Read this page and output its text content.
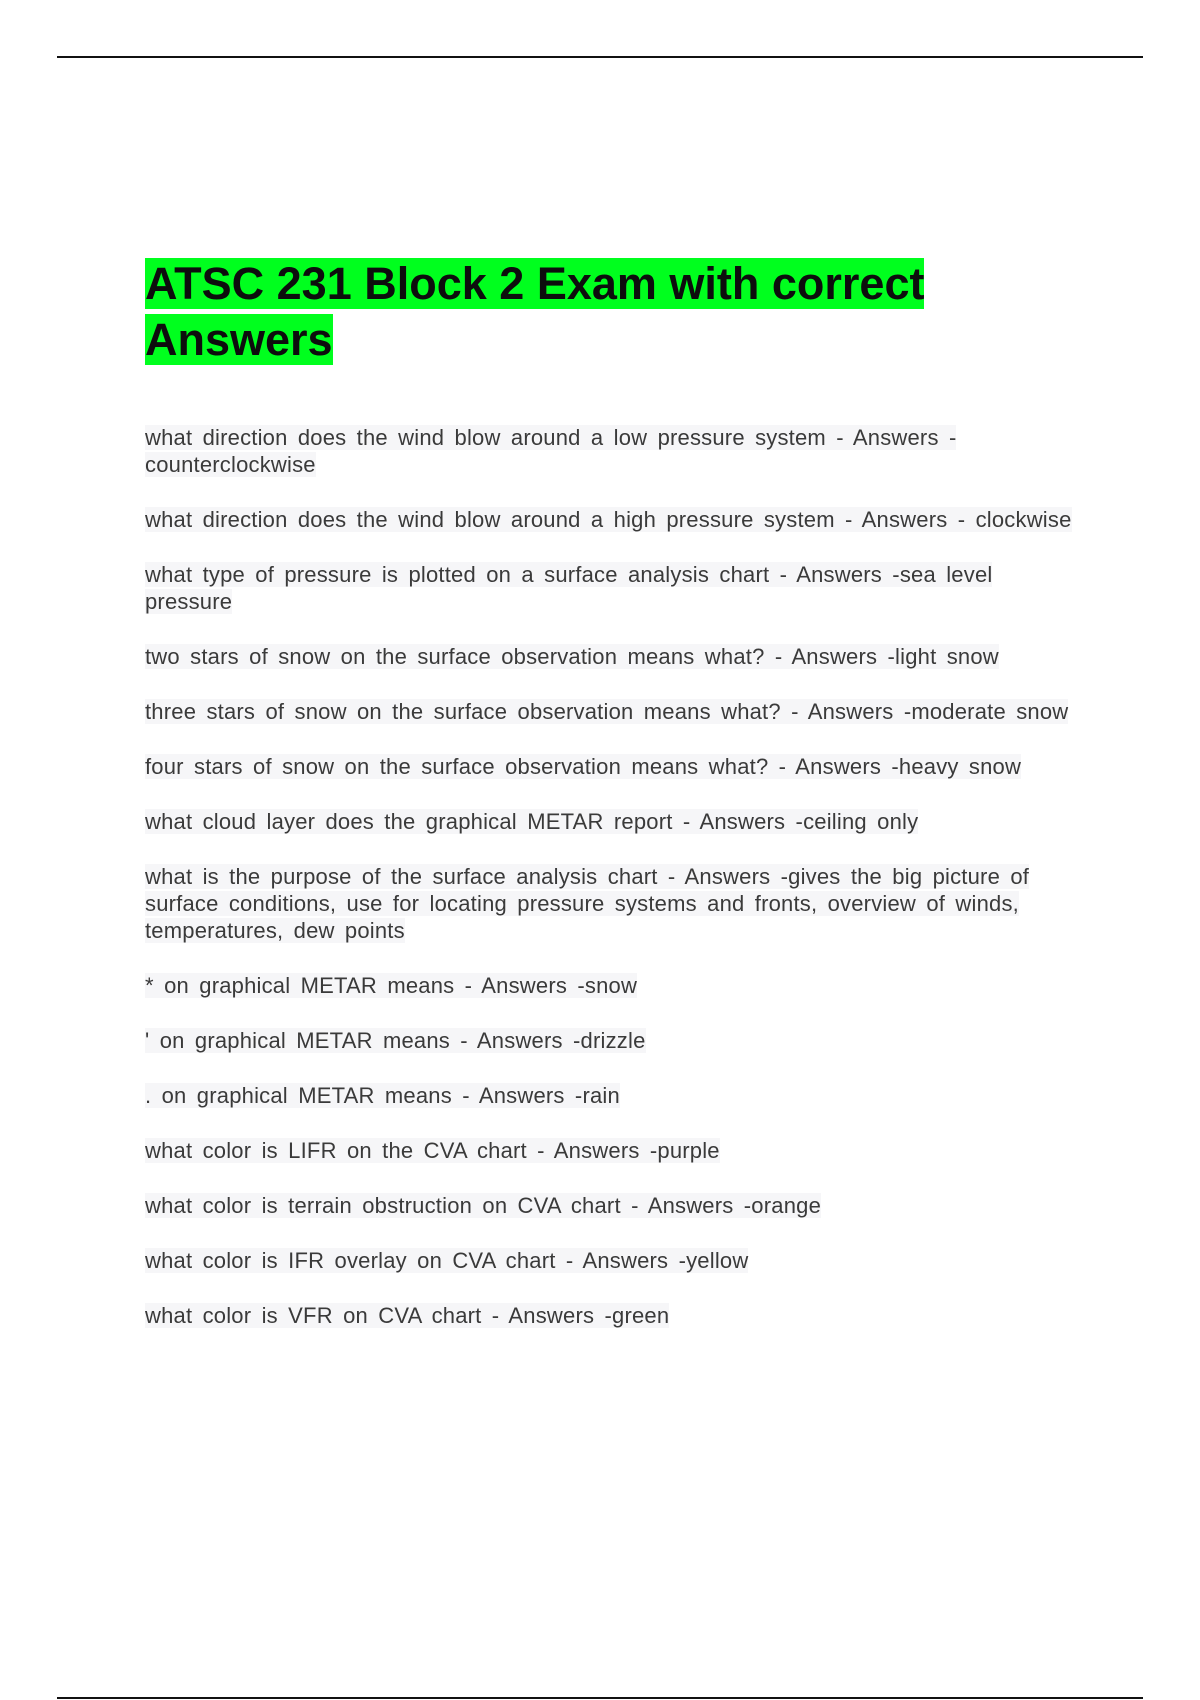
ATSC 231 Block 2 Exam with correct Answers
what direction does the wind blow around a low pressure system - Answers - counterclockwise
what direction does the wind blow around a high pressure system - Answers - clockwise
what type of pressure is plotted on a surface analysis chart - Answers -sea level pressure
two stars of snow on the surface observation means what? - Answers -light snow
three stars of snow on the surface observation means what? - Answers -moderate snow
four stars of snow on the surface observation means what? - Answers -heavy snow
what cloud layer does the graphical METAR report - Answers -ceiling only
what is the purpose of the surface analysis chart - Answers -gives the big picture of surface conditions, use for locating pressure systems and fronts, overview of winds, temperatures, dew points
* on graphical METAR means - Answers -snow
' on graphical METAR means - Answers -drizzle
. on graphical METAR means - Answers -rain
what color is LIFR on the CVA chart - Answers -purple
what color is terrain obstruction on CVA chart - Answers -orange
what color is IFR overlay on CVA chart - Answers -yellow
what color is VFR on CVA chart - Answers -green
